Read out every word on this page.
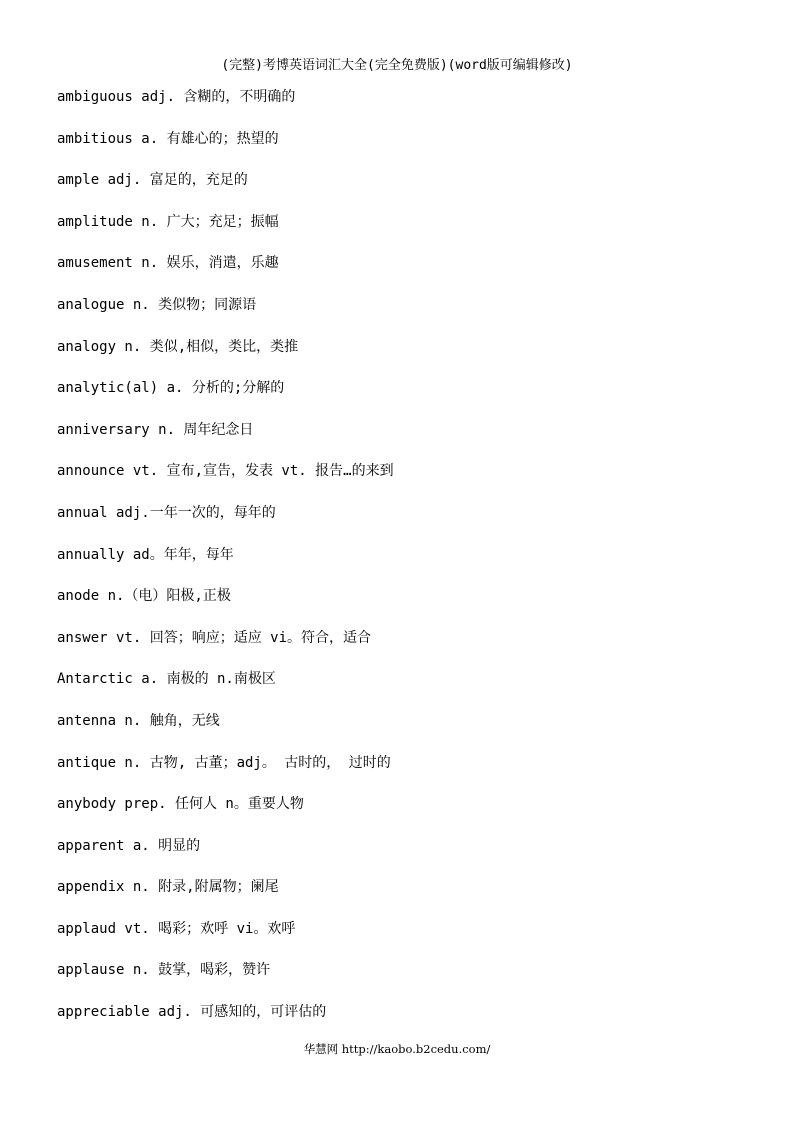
(完整)考博英语词汇大全(完全免费版)(word版可编辑修改)
ambiguous adj. 含糊的，不明确的
ambitious a. 有雄心的；热望的
ample adj. 富足的，充足的
amplitude n. 广大；充足；振幅
amusement n. 娱乐，消遣，乐趣
analogue n. 类似物；同源语
analogy n. 类似,相似，类比，类推
analytic(al) a. 分析的;分解的
anniversary n. 周年纪念日
announce vt. 宣布,宣告，发表 vt. 报告…的来到
annual adj.一年一次的，每年的
annually ad。年年，每年
anode n.（电）阳极,正极
answer vt. 回答；响应；适应 vi。符合，适合
Antarctic a. 南极的 n.南极区
antenna n. 触角，无线
antique n. 古物, 古董；adj。 古时的， 过时的
anybody prep. 任何人 n。重要人物
apparent a. 明显的
appendix n. 附录,附属物；阑尾
applaud vt. 喝彩；欢呼 vi。欢呼
applause n. 鼓掌，喝彩，赞许
appreciable adj. 可感知的，可评估的
华慧网 http://kaobo.b2cedu.com/
